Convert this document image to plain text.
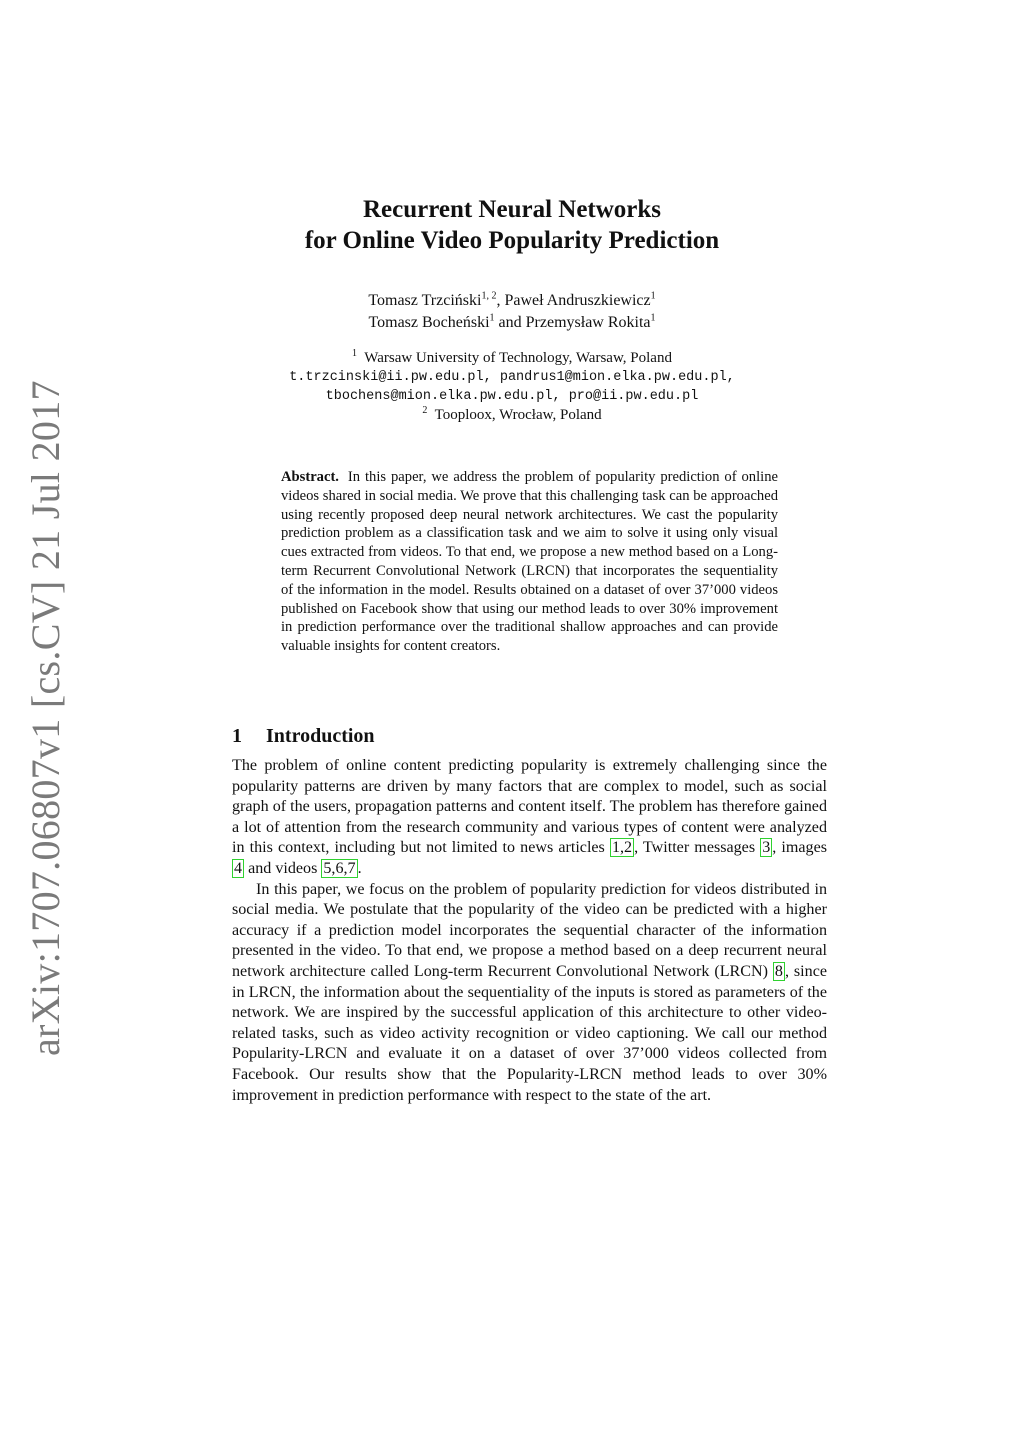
arXiv:1707.06807v1 [cs.CV] 21 Jul 2017
Recurrent Neural Networks
for Online Video Popularity Prediction
Tomasz Trzciński$^{1, 2}$, Paweł Andruszkiewicz$^1$
Tomasz Bocheński$^1$ and Przemysław Rokita$^1$
$^1$ Warsaw University of Technology, Warsaw, Poland
t.trzcinski@ii.pw.edu.pl, pandrus1@mion.elka.pw.edu.pl,
tbochens@mion.elka.pw.edu.pl, pro@ii.pw.edu.pl
$^2$ Tooploox, Wrocław, Poland
Abstract. In this paper, we address the problem of popularity prediction of online videos shared in social media. We prove that this challenging task can be approached using recently proposed deep neural network architectures. We cast the popularity prediction problem as a classification task and we aim to solve it using only visual cues extracted from videos. To that end, we propose a new method based on a Long-term Recurrent Convolutional Network (LRCN) that incorporates the sequentiality of the information in the model. Results obtained on a dataset of over 37’000 videos published on Facebook show that using our method leads to over 30% improvement in prediction performance over the traditional shallow approaches and can provide valuable insights for content creators.
1 Introduction

The problem of online content predicting popularity is extremely challenging since the popularity patterns are driven by many factors that are complex to model, such as social graph of the users, propagation patterns and content itself. The problem has therefore gained a lot of attention from the research community and various types of content were analyzed in this context, including but not limited to news articles 1,2 , Twitter messages 3 , images 4 and videos 5,6,7 .

In this paper, we focus on the problem of popularity prediction for videos distributed in social media. We postulate that the popularity of the video can be predicted with a higher accuracy if a prediction model incorporates the sequential character of the information presented in the video. To that end, we propose a method based on a deep recurrent neural network architecture called Long-term Recurrent Convolutional Network (LRCN) 8 , since in LRCN, the information about the sequentiality of the inputs is stored as parameters of the network. We are inspired by the successful application of this architecture to other video-related tasks, such as video activity recognition or video captioning. We call our method Popularity-LRCN and evaluate it on a dataset of over 37’000 videos collected from Facebook. Our results show that the Popularity-LRCN method leads to over 30% improvement in prediction performance with respect to the state of the art.
